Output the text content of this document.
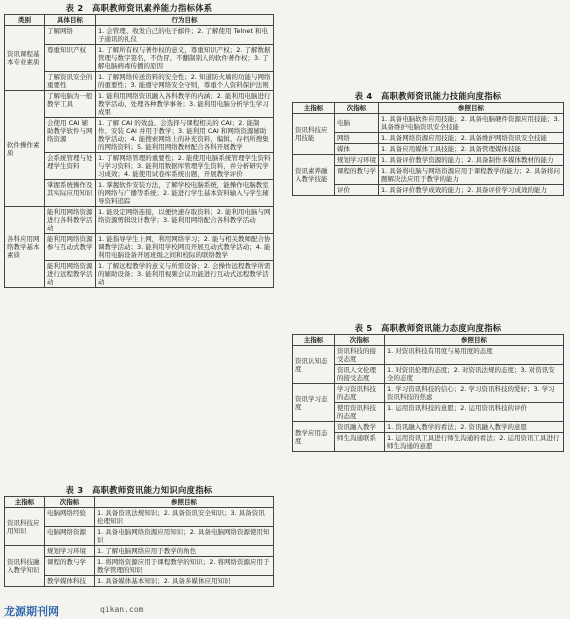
表 2　高职教师资讯素养能力指标体系
类别	具体目标	行为目标
资讯课程基本专业素质	了解网络	1. 会管理、收发自己的电子邮件；2. 了解使用 Telnet 和电子通讯的礼仪
	尊重知识产权	1. 了解所有权与著作权的意义，尊重知识产权；2. 了解数据管理与数字签名，不伪冒、不翻制别人的软件著作权；3. 了解电脑病毒传播的原因
	了解资讯安全的重要性	1. 了解网络传送资料的安全性；2. 知道防火墙的功能与网络的重要性；3. 能遵守网络安全守则，尊重个人资料保护法则
软件操作素质	了解电脑为一般教学工具	1. 能利用网络资讯融入各科教学的内涵；2. 能利用电脑进行教学活动、处理各种教学事务；3. 能利用电脑分析学生学习成果
	会使用 CAI 辅助教学软件与网络资源	1. 了解 CAI 的效益、会选择与课程相关的 CAI；2. 能制作、安装 CAI 并用于教学；3. 能利用 CAI 和网络资源辅助教学活动；4. 能搜索网络上的补充资料，编辑、存档所搜集的网络资料；5. 能利用网络教材配合各科开展教学
	会系统管理与处理学生资料	1. 了解网络管理的重要性；2. 能使用电脑系统管理学生资料与学习资料；3. 能利用数据库管理学生资料，并分析研究学习成效；4. 能使用试卷库系统出题，开展教学评价
	掌握系统操作及其实际应用知识	1. 掌握软件安装方法，了解学校电脑系统，能操作电脑教室的网络与广播等系统；2. 能进行学生基本资料输入与学生辅导资料追踪
各科应用网络教学基本素质	能利用网络资源进行各科教学活动	1. 能设定网络连接，以便快速存取资料；2. 能利用电脑与网络资源剪辑设计教学；3. 能利用网络配合各科教学活动
	能利用网络资源参与互动式教学	1. 能指导学生上网，利用网络学习；2. 能与相关教师配合协调教学活动；3. 能利用学校网页开展互动式教学活动；4. 能利用电脑设备开展班级之间和校际的联络教学
	能利用网络资源进行远程教学活动	1. 了解远程教学的意义与所需设备；2. 会操作远程教学所需的辅助设备；3. 能利用视频会议功能进行互动式远程教学活动
表 3　高职教师资讯能力知识向度指标
主指标	次指标	参照目标
资讯科技应用知识	电脑网络经验	1. 具备资讯法规知识；2. 具备资讯安全知识；3. 具备资讯伦理知识
	电脑网络资源	1. 具备电脑网络资源应用知识；2. 具备电脑网络资源使用知识
资讯科技融入教学知识	规划学习环境	1. 了解电脑网络应用于教学的角色
	课程的教与学	1. 将网络资源应用于课程教学的知识；2. 将网络资源应用于教学管理的知识
	教学媒体科技	1. 具备媒体基本知识；2. 具备多媒体应用知识
表 4　高职教师资讯能力技能向度指标
主指标	次指标	参照目标
资讯科技应用技能	电脑	1. 具备电脑软件应用技能；2. 具备电脑硬件资源应用技能；3. 具备维护电脑资讯安全技能
	网络	1. 具备网络资源应用技能；2. 具备维护网络资讯安全技能
	媒体	1. 具备应用媒体工具技能；2. 具备管理媒体技能
资讯素养融入教学技能	规划学习环境	1. 具备评价教学资源的能力；2. 具备制作多媒体教材的能力
	课程的教与学	1. 具备将电脑与网络资源应用于课程教学的能力；2. 具备将问题解决法应用于教学的能力
	评价	1. 具备评价教学成效的能力；2. 具备评价学习成效的能力
表 5　高职教师资讯能力态度向度指标
主指标	次指标	参照目标
资讯认知态度	资讯科技的接受态度	1. 对资讯科技有用度与易用度的态度
	资讯人文伦理的接受态度	1. 对资讯伦理的态度；2. 对资讯法规的态度；3. 对资讯安全的态度
资讯学习态度	学习资讯科技的态度	1. 学习资讯科技的信心；2. 学习资讯科技的爱好；3. 学习资讯科技的焦虑
	使用资讯科技的态度	1. 运用资讯科技的意愿；2. 运用资讯科技的评价
教学应用态度	资讯融入教学	1. 资讯融入教学的看法；2. 资讯融入教学的意愿
	师生沟通联系	1. 运用资讯工具进行师生沟通的看法；2. 运用资讯工具进行师生沟通的意愿
龙源期刊网	qikan.com
